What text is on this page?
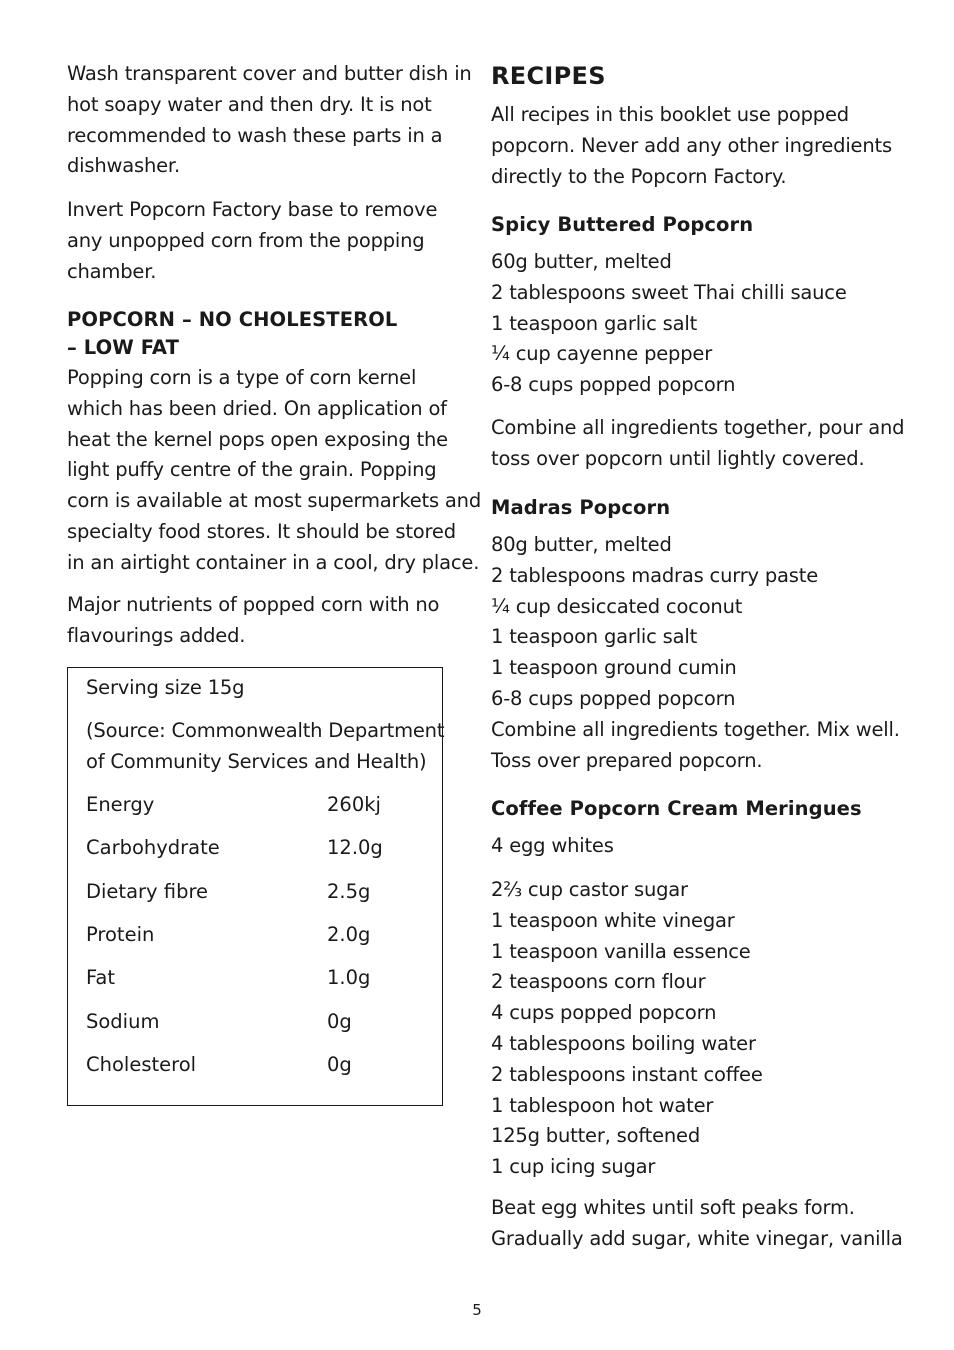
Wash transparent cover and butter dish in
hot soapy water and then dry. It is not
recommended to wash these parts in a
dishwasher.
Invert Popcorn Factory base to remove
any unpopped corn from the popping
chamber.
POPCORN – NO CHOLESTEROL
– LOW FAT
Popping corn is a type of corn kernel
which has been dried. On application of
heat the kernel pops open exposing the
light puffy centre of the grain. Popping
corn is available at most supermarkets and
specialty food stores. It should be stored
in an airtight container in a cool, dry place.
Major nutrients of popped corn with no
flavourings added.
Serving size 15g
(Source: Commonwealth Department
of Community Services and Health)
Energy	260kj
Carbohydrate	12.0g
Dietary fibre	2.5g
Protein	2.0g
Fat	1.0g
Sodium	0g
Cholesterol	0g
RECIPES
All recipes in this booklet use popped
popcorn. Never add any other ingredients
directly to the Popcorn Factory.
Spicy Buttered Popcorn
60g butter, melted
2 tablespoons sweet Thai chilli sauce
1 teaspoon garlic salt
¼ cup cayenne pepper
6-8 cups popped popcorn
Combine all ingredients together, pour and
toss over popcorn until lightly covered.
Madras Popcorn
80g butter, melted
2 tablespoons madras curry paste
¼ cup desiccated coconut
1 teaspoon garlic salt
1 teaspoon ground cumin
6-8 cups popped popcorn
Combine all ingredients together. Mix well.
Toss over prepared popcorn.
Coffee Popcorn Cream Meringues
4 egg whites
2⅔ cup castor sugar
1 teaspoon white vinegar
1 teaspoon vanilla essence
2 teaspoons corn flour
4 cups popped popcorn
4 tablespoons boiling water
2 tablespoons instant coffee
1 tablespoon hot water
125g butter, softened
1 cup icing sugar
Beat egg whites until soft peaks form.
Gradually add sugar, white vinegar, vanilla
5
